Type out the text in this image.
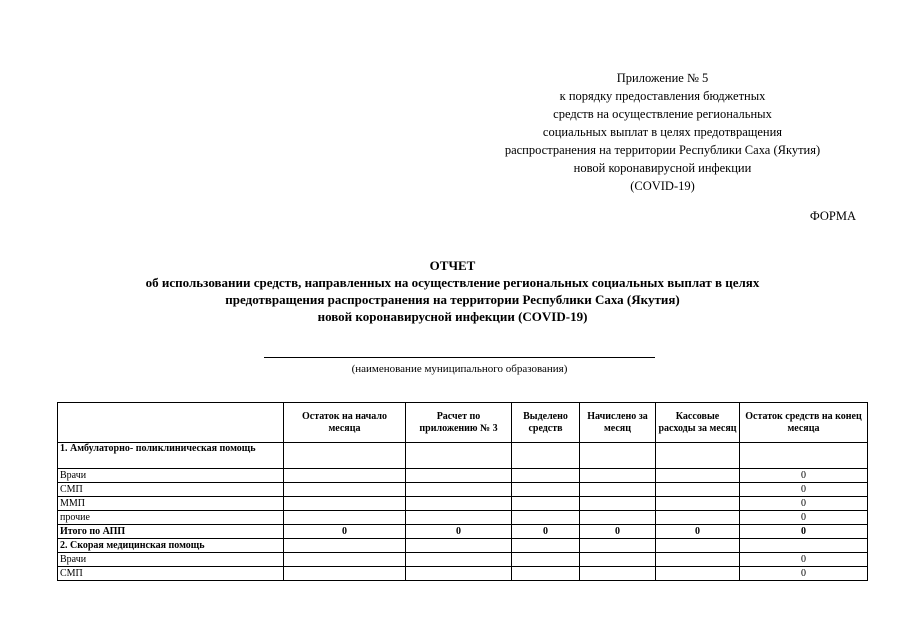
Приложение № 5
к порядку предоставления бюджетных
средств на осуществление региональных
социальных выплат в целях предотвращения
распространения на территории Республики Саха (Якутия)
новой коронавирусной инфекции
(COVID-19)
ФОРМА
ОТЧЕТ
об использовании средств, направленных на осуществление региональных социальных выплат в целях
предотвращения распространения на территории Республики Саха (Якутия)
новой коронавирусной инфекции (COVID-19)
(наименование муниципального образования)
	Остаток на начало месяца	Расчет по приложению № 3	Выделено средств	Начислено за месяц	Кассовые расходы за месяц	Остаток средств на конец месяца
1. Амбулаторно- поликлиническая помощь						
Врачи						0
СМП						0
ММП						0
прочие						0
Итого по АПП	0	0	0	0	0	0
2. Скорая медицинская помощь						
Врачи						0
СМП						0
